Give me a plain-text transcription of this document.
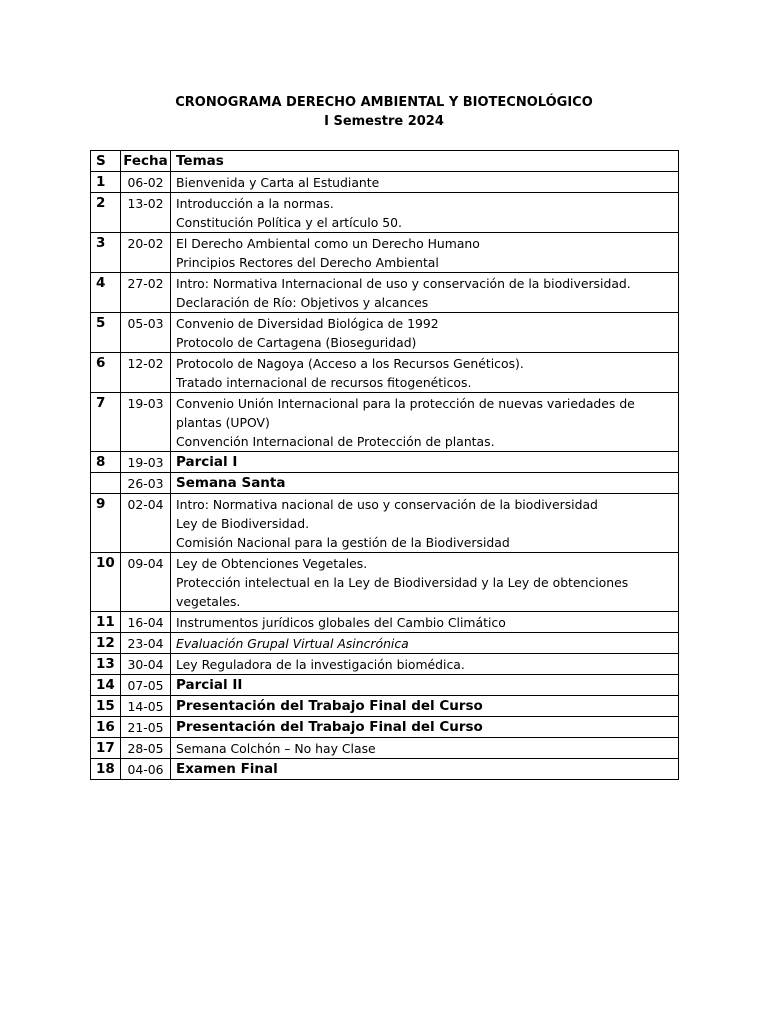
CRONOGRAMA DERECHO AMBIENTAL Y BIOTECNOLÓGICO
I Semestre 2024
S	Fecha	Temas
1	06-02	Bienvenida y Carta al Estudiante

2	13-02	Introducción a la normas.
Constitución Política y el artículo 50.

3	20-02	El Derecho Ambiental como un Derecho Humano
Principios Rectores del Derecho Ambiental

4	27-02	Intro: Normativa Internacional de uso y conservación de la biodiversidad.
Declaración de Río: Objetivos y alcances

5	05-03	Convenio de Diversidad Biológica de 1992
Protocolo de Cartagena (Bioseguridad)

6	12-02	Protocolo de Nagoya (Acceso a los Recursos Genéticos).
Tratado internacional de recursos fitogenéticos.

7	19-03	Convenio Unión Internacional para la protección de nuevas variedades de plantas (UPOV)
Convención Internacional de Protección de plantas.

8	19-03	Parcial I

	26-03	Semana Santa

9	02-04	Intro: Normativa nacional de uso y conservación de la biodiversidad
Ley de Biodiversidad.
Comisión Nacional para la gestión de la Biodiversidad

10	09-04	Ley de Obtenciones Vegetales.
Protección intelectual en la Ley de Biodiversidad y la Ley de obtenciones vegetales.

11	16-04	Instrumentos jurídicos globales del Cambio Climático

12	23-04	Evaluación Grupal Virtual Asincrónica

13	30-04	Ley Reguladora de la investigación biomédica.

14	07-05	Parcial II

15	14-05	Presentación del Trabajo Final del Curso

16	21-05	Presentación del Trabajo Final del Curso

17	28-05	Semana Colchón – No hay Clase

18	04-06	Examen Final
